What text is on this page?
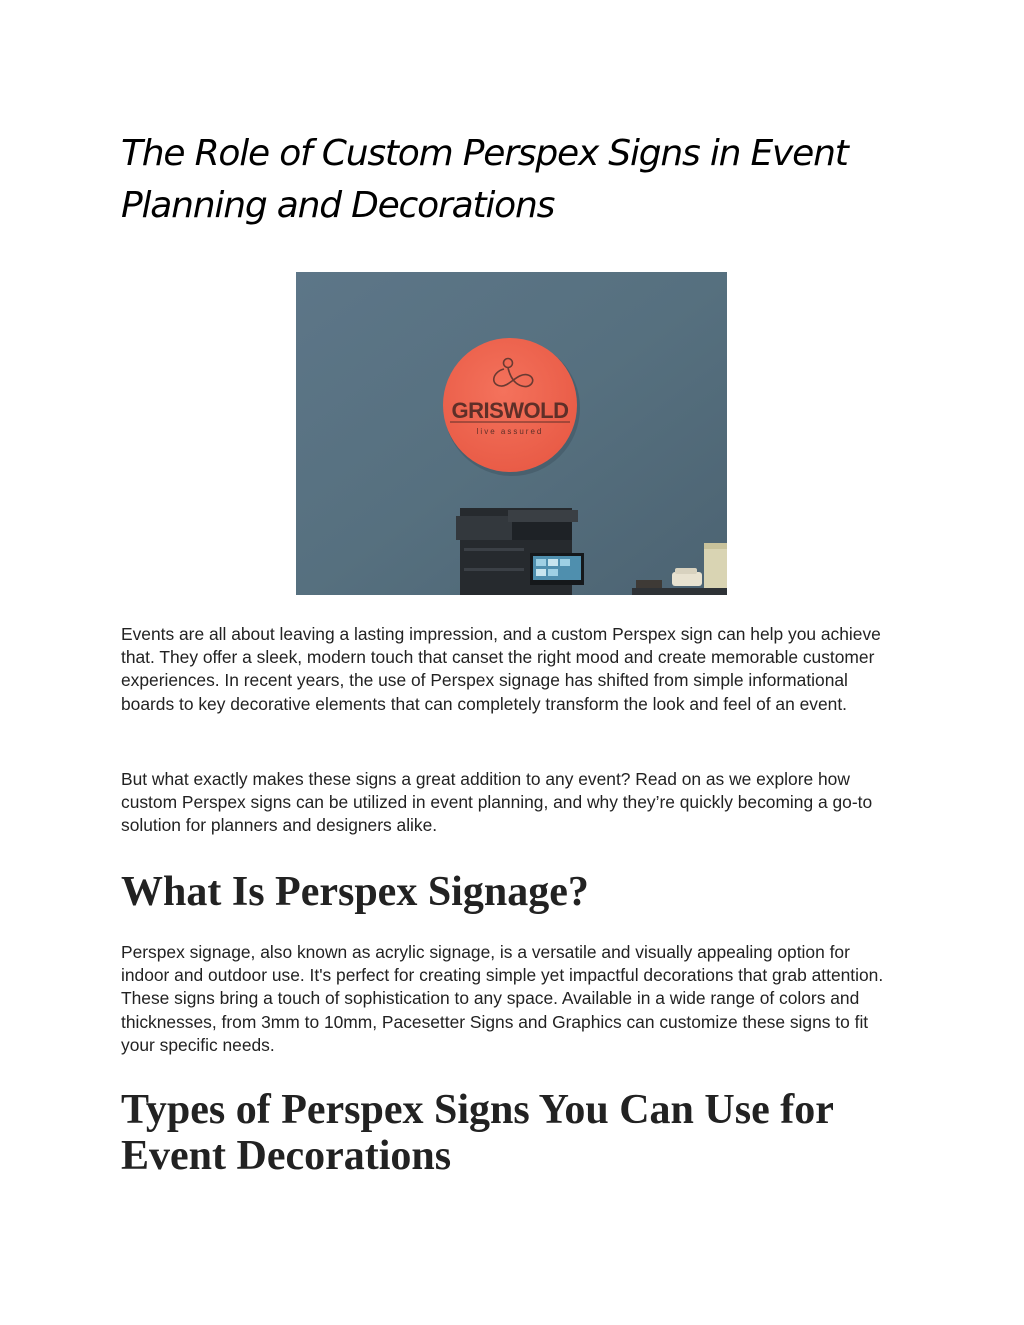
The Role of Custom Perspex Signs in Event Planning and Decorations
GRISWOLD
live assured

Events are all about leaving a lasting impression, and a custom Perspex sign can help you achieve that. They offer a sleek, modern touch that canset the right mood and create memorable customer experiences. In recent years, the use of Perspex signage has shifted from simple informational boards to key decorative elements that can completely transform the look and feel of an event.

But what exactly makes these signs a great addition to any event? Read on as we explore how custom Perspex signs can be utilized in event planning, and why they’re quickly becoming a go-to solution for planners and designers alike.

What Is Perspex Signage?

Perspex signage, also known as acrylic signage, is a versatile and visually appealing option for indoor and outdoor use. It's perfect for creating simple yet impactful decorations that grab attention. These signs bring a touch of sophistication to any space. Available in a wide range of colors and thicknesses, from 3mm to 10mm, Pacesetter Signs and Graphics can customize these signs to fit your specific needs.

Types of Perspex Signs You Can Use for Event Decorations
